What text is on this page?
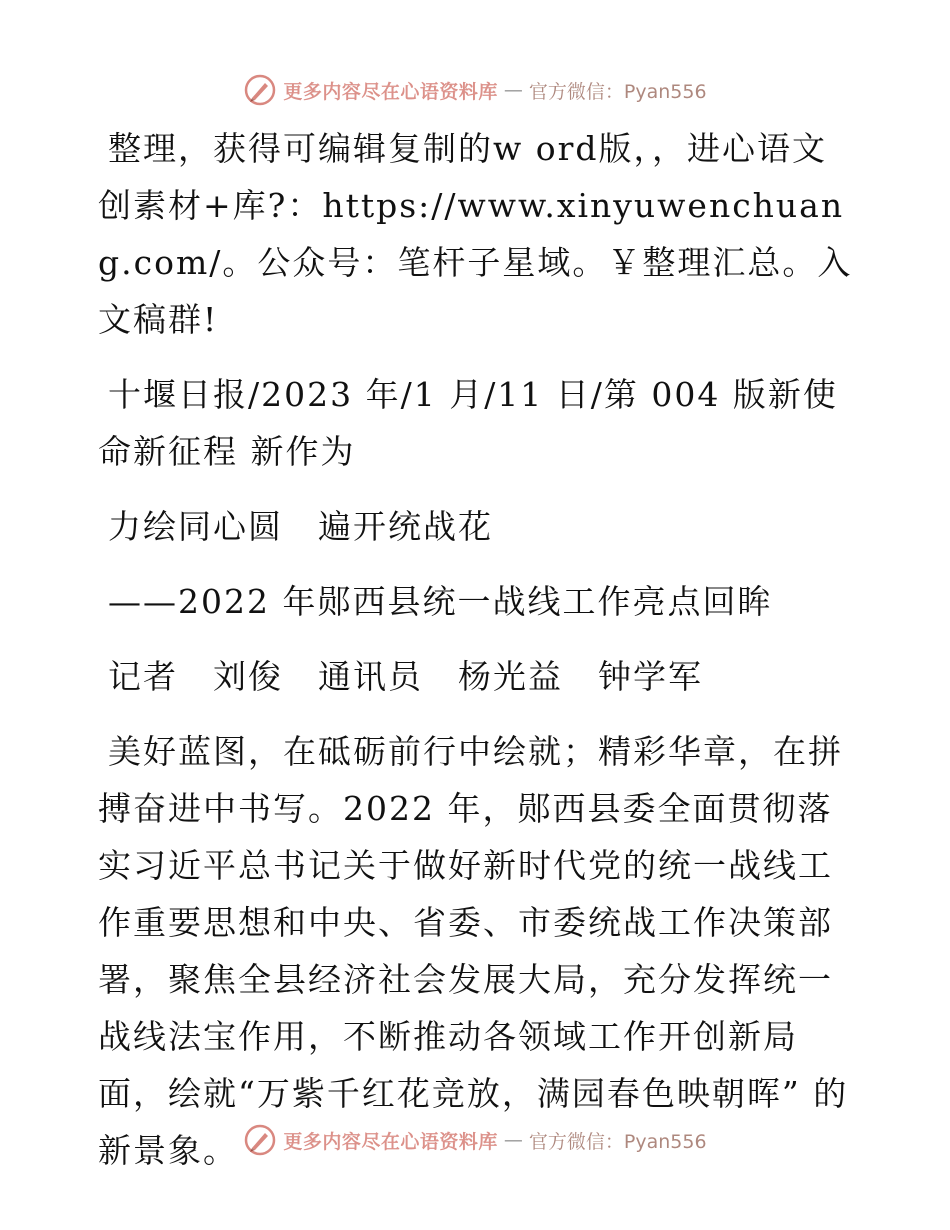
更多内容尽在心语资料库 — 官方微信：Pyan556

整理，获得可编辑复制的w ord版，，进心语文创素材+库?：https://www.xinyuwenchuang.com/。公众号：笔杆子星域。￥整理汇总。入文稿群!

十堰日报/2023 年/1 月/11 日/第 004 版新使命新征程 新作为

力绘同心圆　遍开统战花

——2022 年郧西县统一战线工作亮点回眸

记者　刘俊　通讯员　杨光益　钟学军

美好蓝图，在砥砺前行中绘就；精彩华章，在拼搏奋进中书写。2022 年，郧西县委全面贯彻落实习近平总书记关于做好新时代党的统一战线工作重要思想和中央、省委、市委统战工作决策部署，聚焦全县经济社会发展大局，充分发挥统一战线法宝作用，不断推动各领域工作开创新局面，绘就“万紫千红花竞放，满园春色映朝晖” 的新景象。	更多内容尽在心语资料库 — 官方微信：Pyan556
